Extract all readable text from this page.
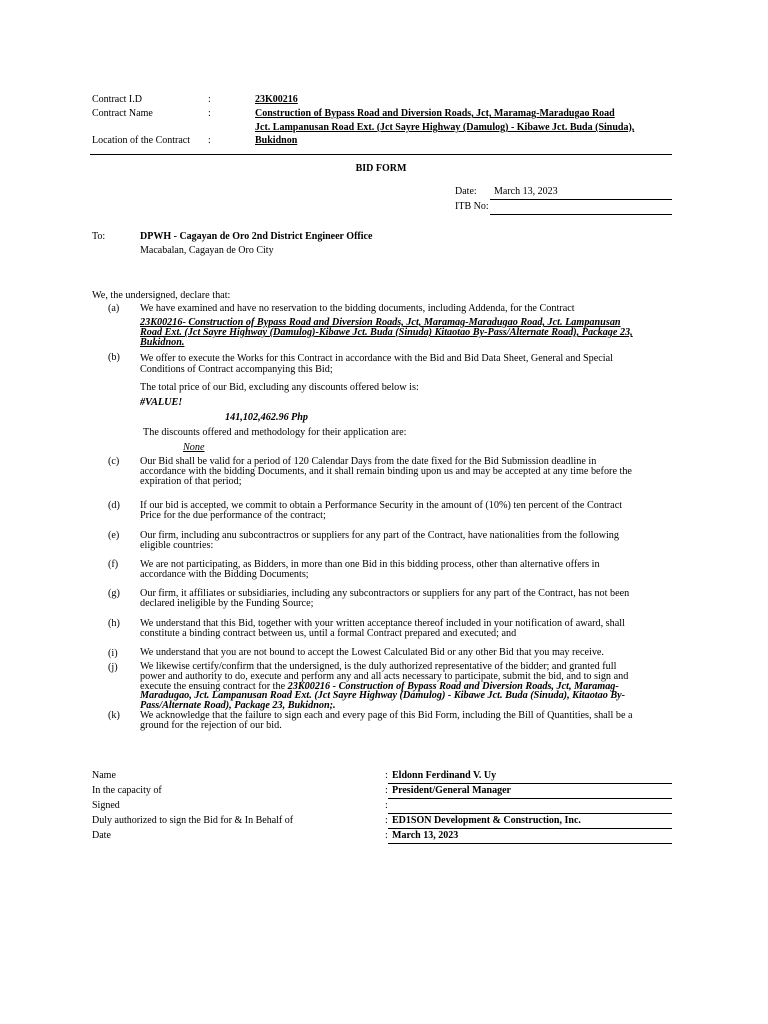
Contract I.D	:	23K00216
Contract Name	:	Construction of Bypass Road and Diversion Roads, Jct, Maramag-Maradugao Road
Jct. Lampanusan Road Ext. (Jct Sayre Highway (Damulog) - Kibawe Jct. Buda (Sinuda),
Location of the Contract :	Bukidnon
BID FORM
Date: March 13, 2023
ITB No:
To:	DPWH - Cagayan de Oro 2nd District Engineer Office
Macabalan, Cagayan de Oro City
We, the undersigned, declare that:
(a) We have examined and have no reservation to the bidding documents, including Addenda, for the Contract
23K00216- Construction of Bypass Road and Diversion Roads, Jct, Maramag-Maradugao Road, Jct. Lampanusan
Road Ext. (Jct Sayre Highway (Damulog)-Kibawe Jct. Buda (Sinuda) Kitaotao By-Pass/Alternate Road), Package 23,
Bukidnon.
(b) We offer to execute the Works for this Contract in accordance with the Bid and Bid Data Sheet, General and Special
Conditions of Contract accompanying this Bid;
The total price of our Bid, excluding any discounts offered below is:
#VALUE!
141,102,462.96 Php
The discounts offered and methodology for their application are:
None
(c) Our Bid shall be valid for a period of 120 Calendar Days from the date fixed for the Bid Submission deadline in
accordance with the bidding Documents, and it shall remain binding upon us and may be accepted at any time before the
expiration of that period;
(d) If our bid is accepted, we commit to obtain a Performance Security in the amount of (10%) ten percent of the Contract
Price for the due performance of the contract;
(e) Our firm, including anu subcontractros or suppliers for any part of the Contract, have nationalities from the following
eligible countries:
(f) We are not participating, as Bidders, in more than one Bid in this bidding process, other than alternative offers in
accordance with the Bidding Documents;
(g) Our firm, it affiliates or subsidiaries, including any subcontractors or suppliers for any part of the Contract, has not been
declared ineligible by the Funding Source;
(h) We understand that this Bid, together with your written acceptance thereof included in your notification of award, shall
constitute a binding contract between us, until a formal Contract prepared and executed; and
(i) We understand that you are not bound to accept the Lowest Calculated Bid or any other Bid that you may receive.
(j) We likewise certify/confirm that the undersigned, is the duly authorized representative of the bidder; and granted full
power and authority to do, execute and perform any and all acts necessary to participate, submit the bid, and to sign and
execute the ensuing contract for the 23K00216 - Construction of Bypass Road and Diversion Roads, Jct, Maramag-
Maradugao, Jct. Lampanusan Road Ext. (Jct Sayre Highway (Damulog) - Kibawe Jct. Buda (Sinuda), Kitaotao By-
Pass/Alternate Road), Package 23, Bukidnon;.
(k) We acknowledge that the failure to sign each and every page of this Bid Form, including the Bill of Quantities, shall be a
ground for the rejection of our bid.
Name	: Eldonn Ferdinand V. Uy
In the capacity of	: President/General Manager
Signed	:
Duly authorized to sign the Bid for & In Behalf of	: ED1SON Development & Construction, Inc.
Date	: March 13, 2023
